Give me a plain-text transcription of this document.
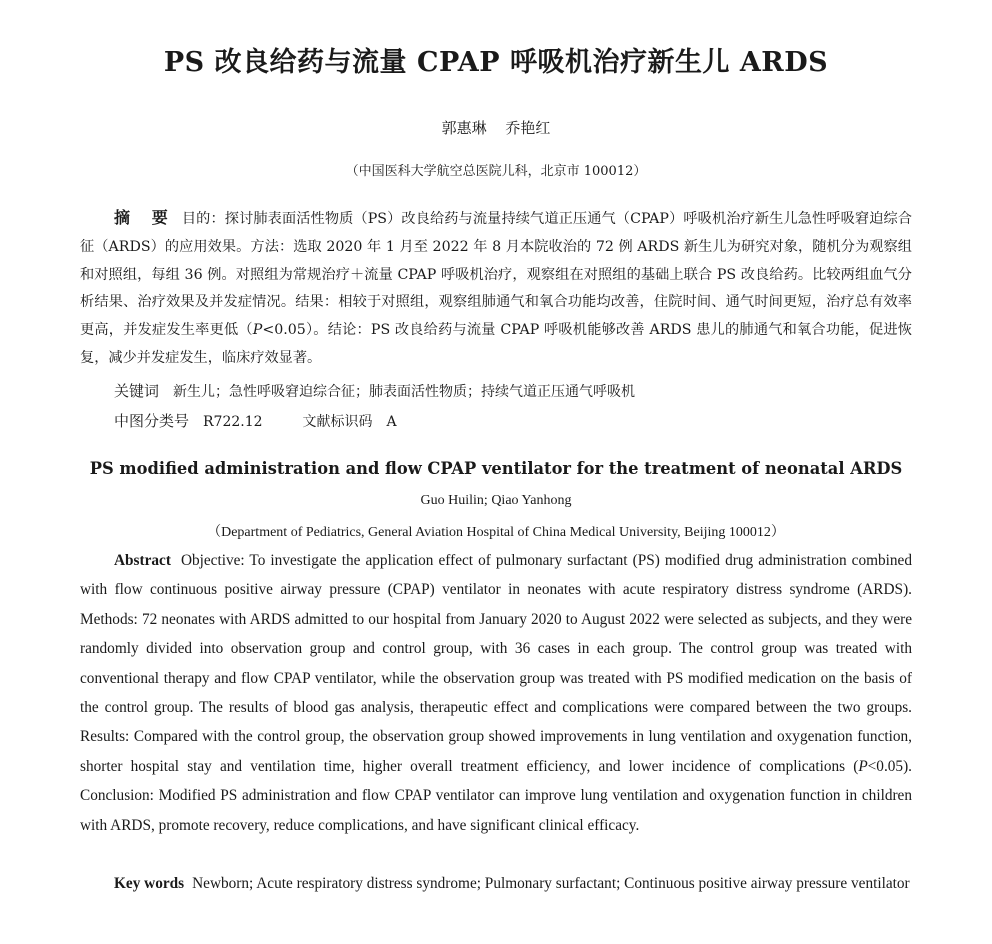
PS 改良给药与流量 CPAP 呼吸机治疗新生儿 ARDS
郭惠琳 乔艳红
（中国医科大学航空总医院儿科，北京市 100012）

摘 要 目的：探讨肺表面活性物质（PS）改良给药与流量持续气道正压通气（CPAP）呼吸机治疗新生儿急性呼吸窘迫综合征（ARDS）的应用效果。方法：选取 2020 年 1 月至 2022 年 8 月本院收治的 72 例 ARDS 新生儿为研究对象，随机分为观察组和对照组，每组 36 例。对照组为常规治疗＋流量 CPAP 呼吸机治疗，观察组在对照组的基础上联合 PS 改良给药。比较两组血气分析结果、治疗效果及并发症情况。结果：相较于对照组，观察组肺通气和氧合功能均改善，住院时间、通气时间更短，治疗总有效率更高，并发症发生率更低（P<0.05）。结论：PS 改良给药与流量 CPAP 呼吸机能够改善 ARDS 患儿的肺通气和氧合功能，促进恢复，减少并发症发生，临床疗效显著。

关键词 新生儿；急性呼吸窘迫综合征；肺表面活性物质；持续气道正压通气呼吸机
中图分类号 R722.12	文献标识码 A
PS modified administration and flow CPAP ventilator for the treatment of neonatal ARDS
Guo Huilin; Qiao Yanhong
（Department of Pediatrics, General Aviation Hospital of China Medical University, Beijing 100012）

Abstract Objective: To investigate the application effect of pulmonary surfactant (PS) modified drug administration combined with flow continuous positive airway pressure (CPAP) ventilator in neonates with acute respiratory distress syndrome (ARDS). Methods: 72 neonates with ARDS admitted to our hospital from January 2020 to August 2022 were selected as subjects, and they were randomly divided into observation group and control group, with 36 cases in each group. The control group was treated with conventional therapy and flow CPAP ventilator, while the observation group was treated with PS modified medication on the basis of the control group. The results of blood gas analysis, therapeutic effect and complications were compared between the two groups. Results: Compared with the control group, the observation group showed improvements in lung ventilation and oxygenation function, shorter hospital stay and ventilation time, higher overall treatment efficiency, and lower incidence of complications (P<0.05). Conclusion: Modified PS administration and flow CPAP ventilator can improve lung ventilation and oxygenation function in children with ARDS, promote recovery, reduce complications, and have significant clinical efficacy.

Key words Newborn; Acute respiratory distress syndrome; Pulmonary surfactant; Continuous positive airway pressure ventilator
